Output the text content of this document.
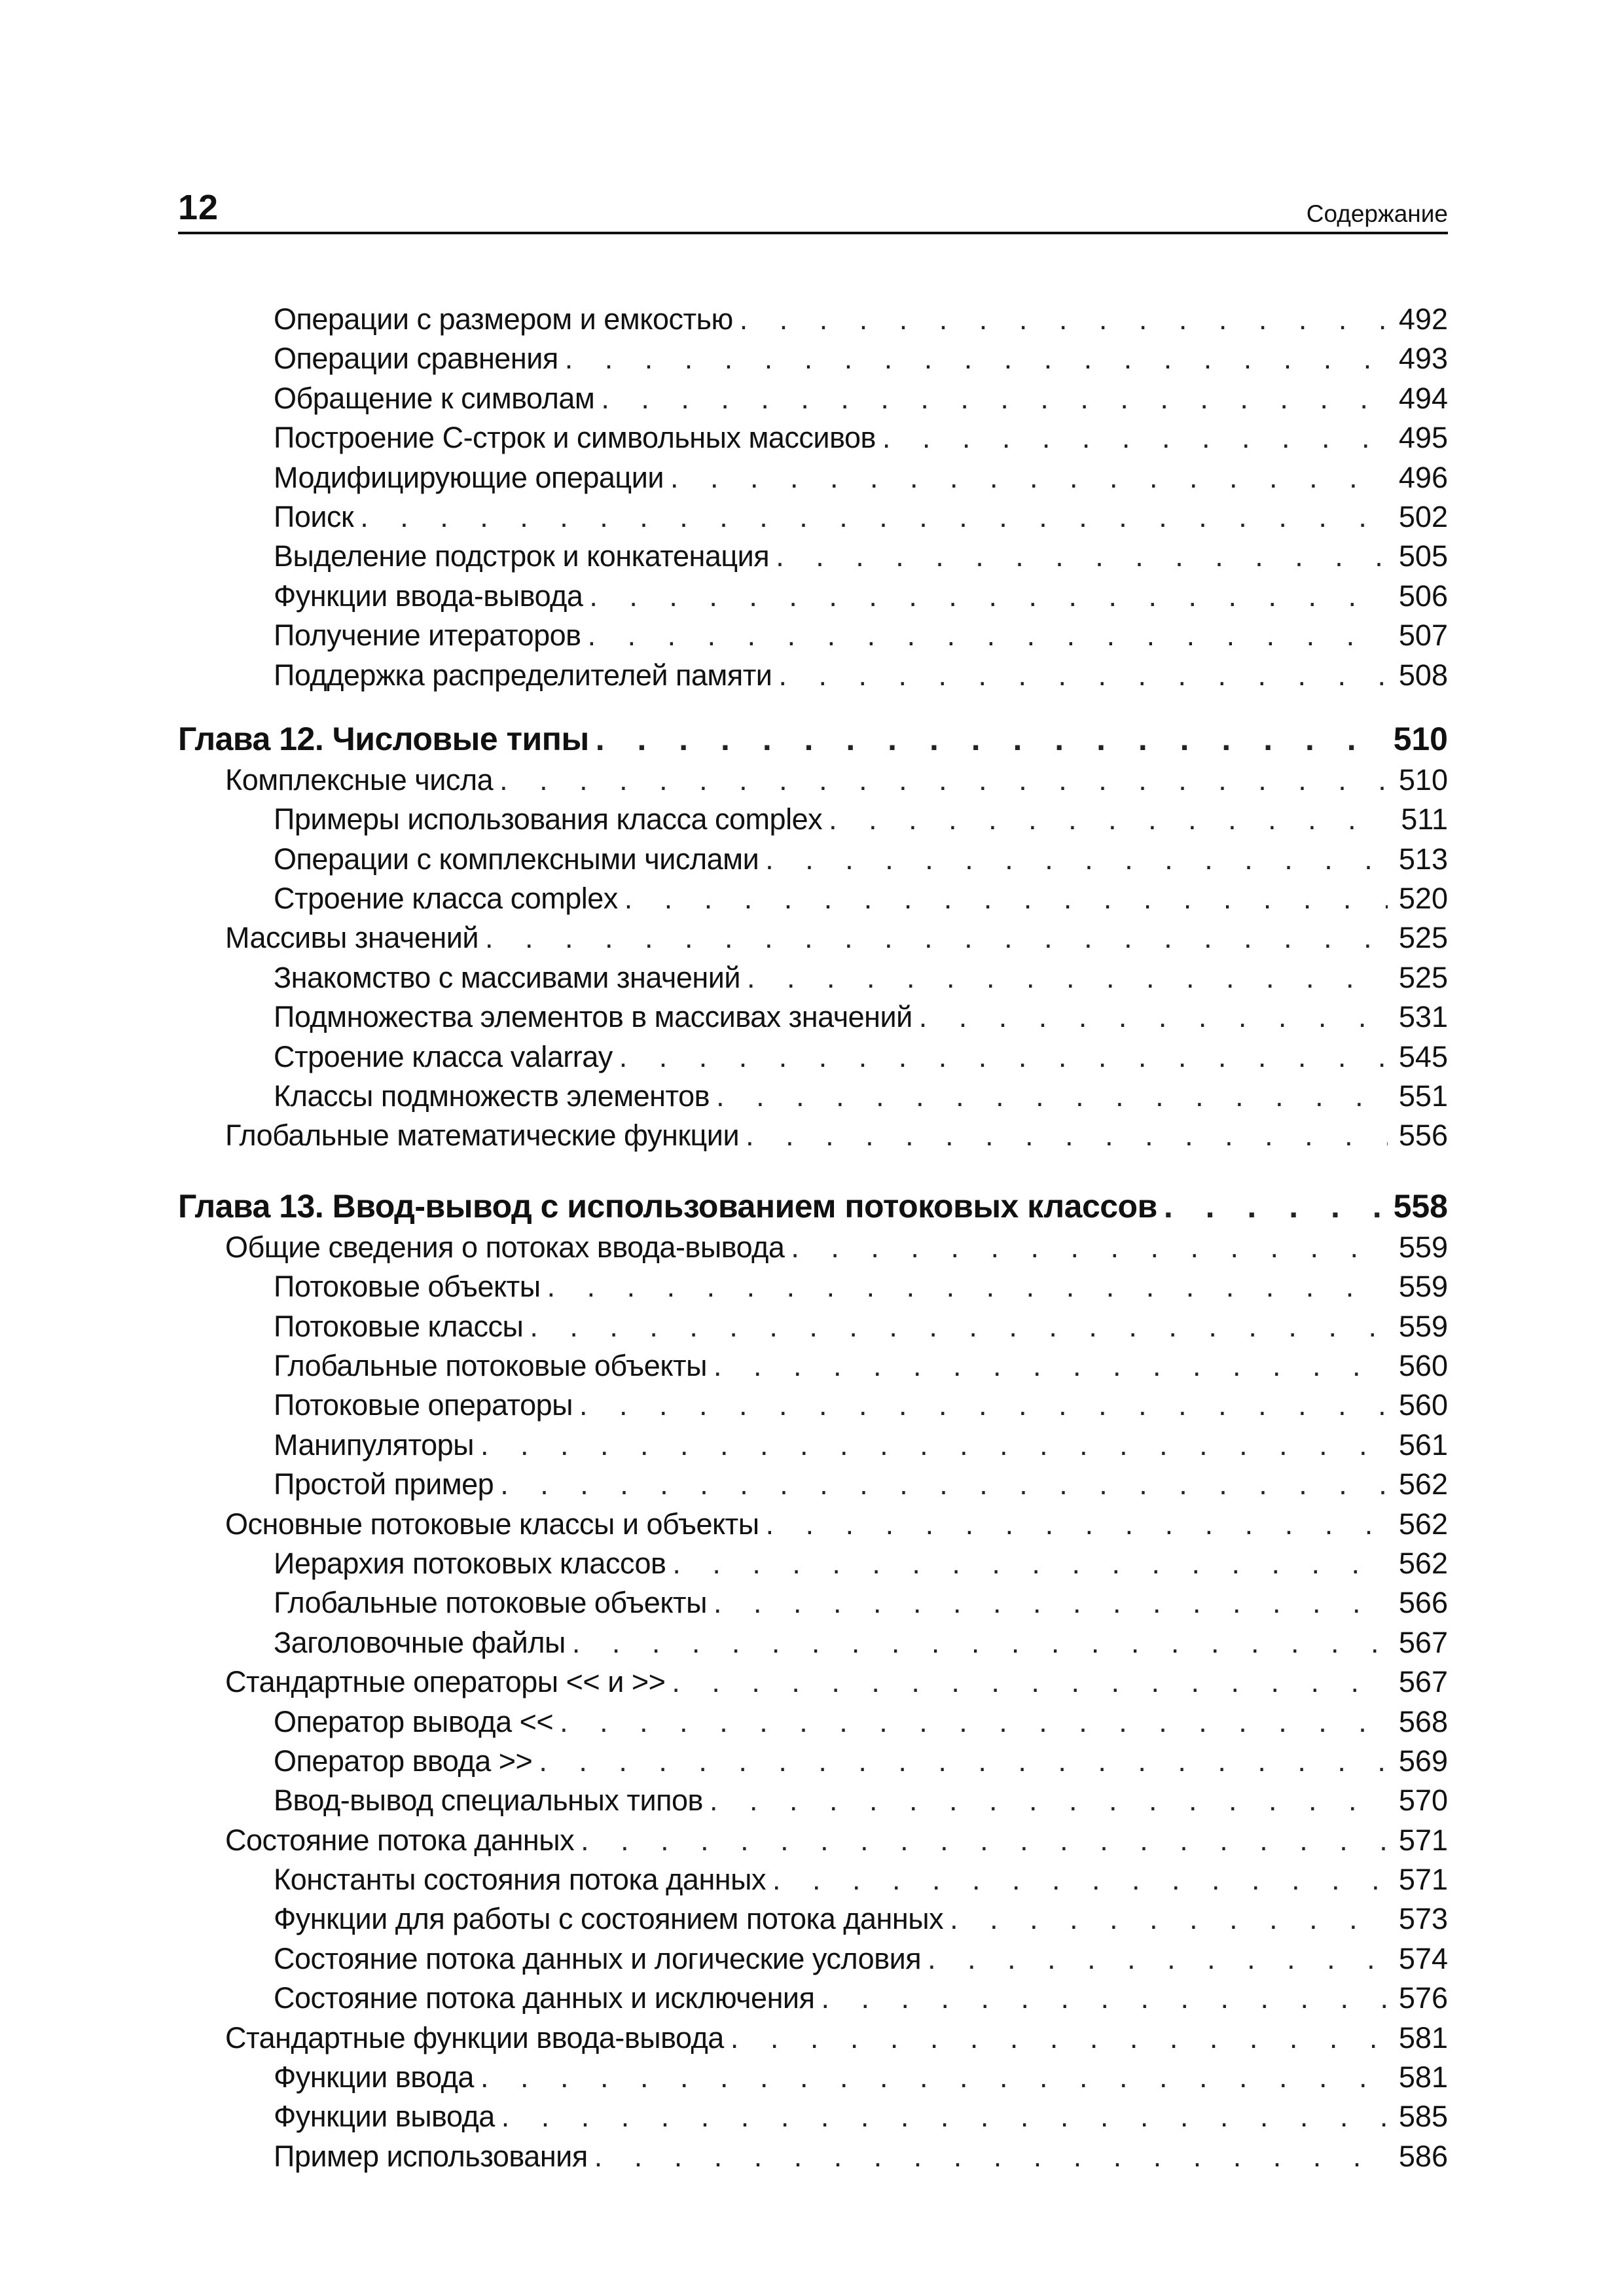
12	Содержание
Операции с размером и емкостью . . .	492
Операции сравнения . . .	493
Обращение к символам . . .	494
Построение С-строк и символьных массивов . . .	495
Модифицирующие операции . . .	496
Поиск . . .	502
Выделение подстрок и конкатенация . . .	505
Функции ввода-вывода . . .	506
Получение итераторов . . .	507
Поддержка распределителей памяти . . .	508
Глава 12. Числовые типы . . .	510
Комплексные числа . . .	510
Примеры использования класса complex . . .	511
Операции с комплексными числами . . .	513
Строение класса complex . . .	520
Массивы значений . . .	525
Знакомство с массивами значений . . .	525
Подмножества элементов в массивах значений . . .	531
Строение класса valarray . . .	545
Классы подмножеств элементов . . .	551
Глобальные математические функции . . .	556
Глава 13. Ввод-вывод с использованием потоковых классов . . .	558
Общие сведения о потоках ввода-вывода . . .	559
Потоковые объекты . . .	559
Потоковые классы . . .	559
Глобальные потоковые объекты . . .	560
Потоковые операторы . . .	560
Манипуляторы . . .	561
Простой пример . . .	562
Основные потоковые классы и объекты . . .	562
Иерархия потоковых классов . . .	562
Глобальные потоковые объекты . . .	566
Заголовочные файлы . . .	567
Стандартные операторы << и >> . . .	567
Оператор вывода << . . .	568
Оператор ввода >> . . .	569
Ввод-вывод специальных типов . . .	570
Состояние потока данных . . .	571
Константы состояния потока данных . . .	571
Функции для работы с состоянием потока данных . . .	573
Состояние потока данных и логические условия . . .	574
Состояние потока данных и исключения . . .	576
Стандартные функции ввода-вывода . . .	581
Функции ввода . . .	581
Функции вывода . . .	585
Пример использования . . .	586
